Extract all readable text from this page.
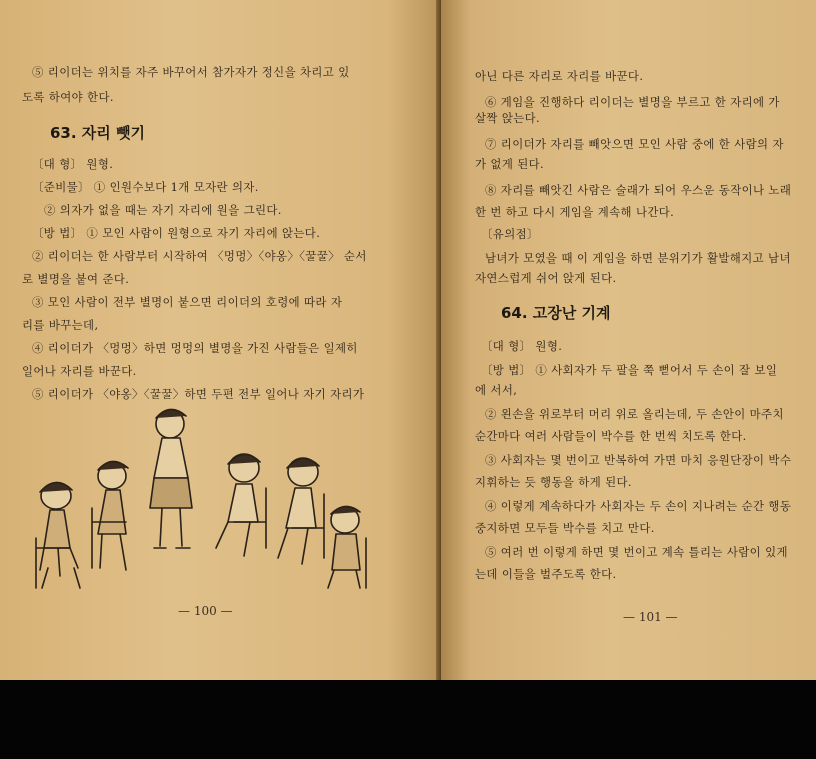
⑤ 리이더는 위치를 자주 바꾸어서 참가자가 정신을 차리고 있
도록 하여야 한다.
63. 자리 뺏기
〔대 형〕 원형.
〔준비물〕 ① 인원수보다 1개 모자란 의자.
② 의자가 없을 때는 자기 자리에 원을 그린다.
〔방 법〕 ① 모인 사람이 원형으로 자기 자리에 앉는다.
② 리이더는 한 사람부터 시작하여 〈멍멍〉〈야옹〉〈꿀꿀〉 순서
로 별명을 붙여 준다.
③ 모인 사람이 전부 별명이 붙으면 리이더의 호령에 따라 자
리를 바꾸는데,
④ 리이더가 〈멍멍〉하면 멍멍의 별명을 가진 사람들은 일제히
일어나 자리를 바꾼다.
⑤ 리이더가 〈야옹〉〈꿀꿀〉하면 두편 전부 일어나 자기 자리가
— 100 —
아닌 다른 자리로 자리를 바꾼다.
⑥ 게임을 진행하다 리이더는 별명을 부르고 한 자리에 가
살짝 앉는다.
⑦ 리이더가 자리를 빼앗으면 모인 사람 중에 한 사람의 자
가 없게 된다.
⑧ 자리를 빼앗긴 사람은 술래가 되어 우스운 동작이나 노래
한 번 하고 다시 게임을 계속해 나간다.
〔유의점〕
남녀가 모였을 때 이 게임을 하면 분위기가 활발해지고 남녀
자연스럽게 쉬어 앉게 된다.
64. 고장난 기계
〔대 형〕 원형.
〔방 법〕 ① 사회자가 두 팔을 쭉 뻗어서 두 손이 잘 보일
에 서서,
② 왼손을 위로부터 머리 위로 올리는데, 두 손안이 마주치
순간마다 여러 사람들이 박수를 한 번씩 치도록 한다.
③ 사회자는 몇 번이고 반복하여 가면 마치 응원단장이 박수
지휘하는 듯 행동을 하게 된다.
④ 이렇게 계속하다가 사회자는 두 손이 지나려는 순간 행동
중지하면 모두들 박수를 치고 만다.
⑤ 여러 번 이렇게 하면 몇 번이고 계속 틀리는 사람이 있게
는데 이들을 벌주도록 한다.
— 101 —
